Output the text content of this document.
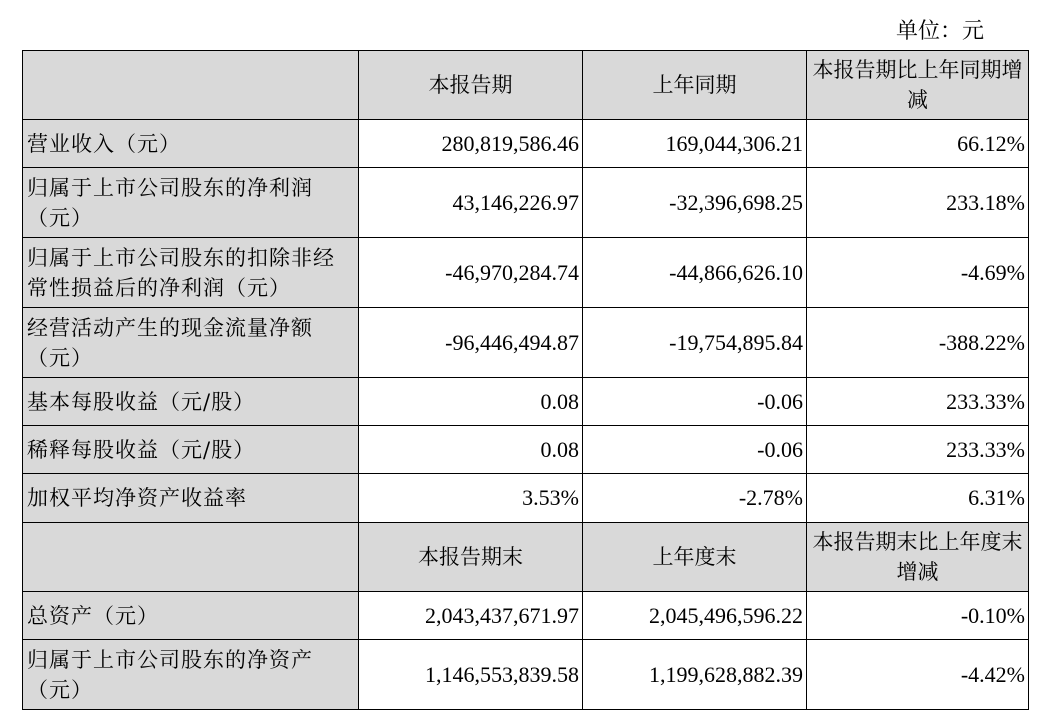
单位：元
	本报告期	上年同期	本报告期比上年同期增减
营业收入（元）	280,819,586.46	169,044,306.21	66.12%
归属于上市公司股东的净利润（元）	43,146,226.97	-32,396,698.25	233.18%
归属于上市公司股东的扣除非经常性损益后的净利润（元）	-46,970,284.74	-44,866,626.10	-4.69%
经营活动产生的现金流量净额（元）	-96,446,494.87	-19,754,895.84	-388.22%
基本每股收益（元/股）	0.08	-0.06	233.33%
稀释每股收益（元/股）	0.08	-0.06	233.33%
加权平均净资产收益率	3.53%	-2.78%	6.31%
	本报告期末	上年度末	本报告期末比上年度末增减
总资产（元）	2,043,437,671.97	2,045,496,596.22	-0.10%
归属于上市公司股东的净资产（元）	1,146,553,839.58	1,199,628,882.39	-4.42%
